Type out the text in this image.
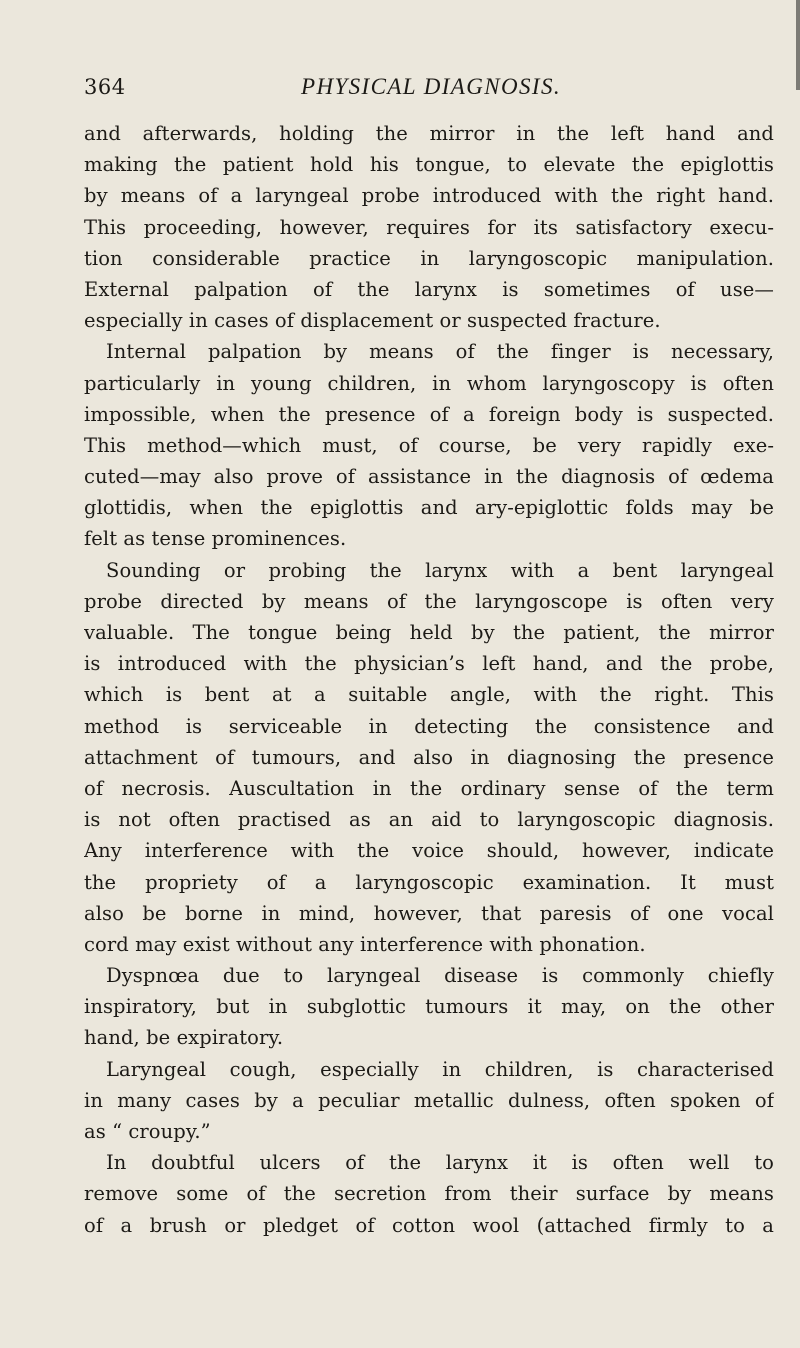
364	PHYSICAL DIAGNOSIS.
and afterwards, holding the mirror in the left hand and
making the patient hold his tongue, to elevate the epiglottis
by means of a laryngeal probe introduced with the right hand.
This proceeding, however, requires for its satisfactory execu-
tion considerable practice in laryngoscopic manipulation.
External palpation of the larynx is sometimes of use—
especially in cases of displacement or suspected fracture.
Internal palpation by means of the finger is necessary,
particularly in young children, in whom laryngoscopy is often
impossible, when the presence of a foreign body is suspected.
This method—which must, of course, be very rapidly exe-
cuted—may also prove of assistance in the diagnosis of œdema
glottidis, when the epiglottis and ary-epiglottic folds may be
felt as tense prominences.
Sounding or probing the larynx with a bent laryngeal
probe directed by means of the laryngoscope is often very
valuable. The tongue being held by the patient, the mirror
is introduced with the physician’s left hand, and the probe,
which is bent at a suitable angle, with the right. This
method is serviceable in detecting the consistence and
attachment of tumours, and also in diagnosing the presence
of necrosis. Auscultation in the ordinary sense of the term
is not often practised as an aid to laryngoscopic diagnosis.
Any interference with the voice should, however, indicate
the propriety of a laryngoscopic examination. It must
also be borne in mind, however, that paresis of one vocal
cord may exist without any interference with phonation.
Dyspnœa due to laryngeal disease is commonly chiefly
inspiratory, but in subglottic tumours it may, on the other
hand, be expiratory.
Laryngeal cough, especially in children, is characterised
in many cases by a peculiar metallic dulness, often spoken of
as “ croupy.”
In doubtful ulcers of the larynx it is often well to
remove some of the secretion from their surface by means
of a brush or pledget of cotton wool (attached firmly to a
